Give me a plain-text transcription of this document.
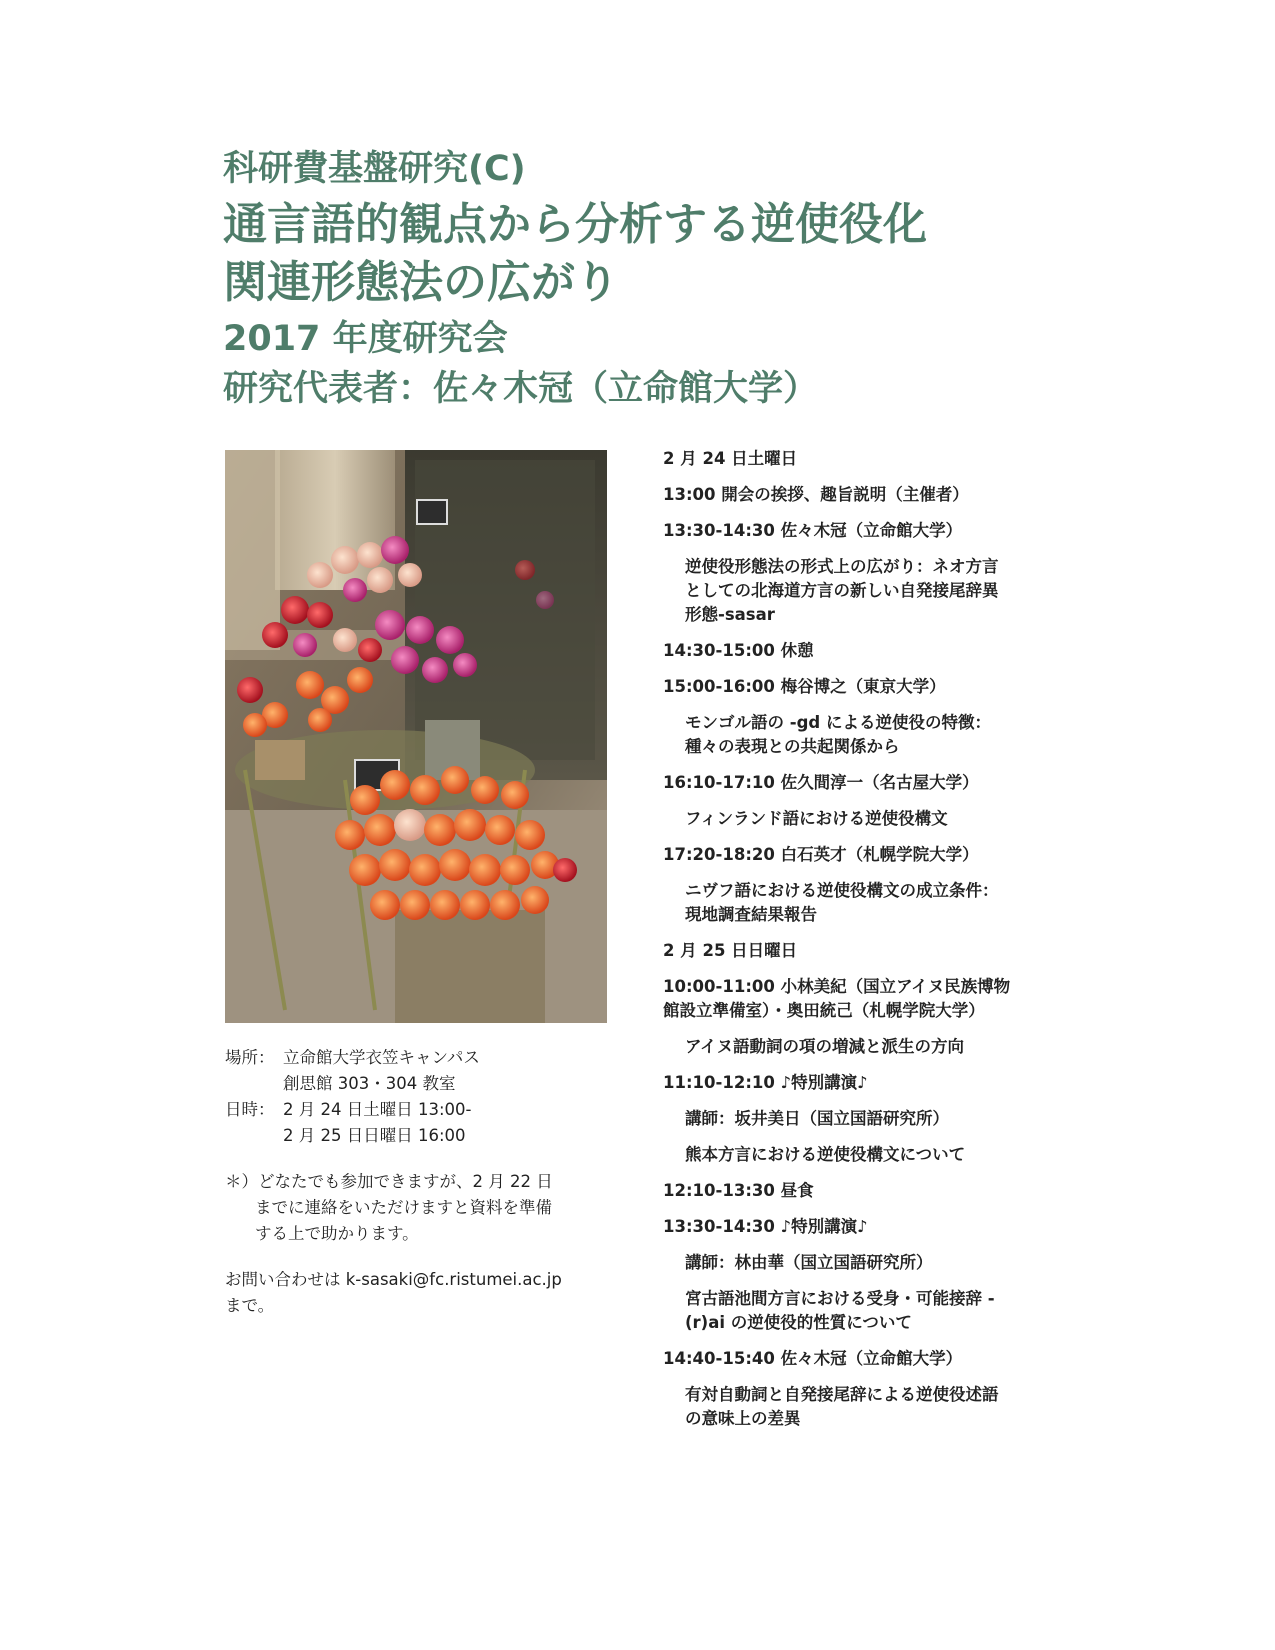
科研費基盤研究(C)
通言語的観点から分析する逆使役化
関連形態法の広がり
2017 年度研究会
研究代表者：佐々木冠（立命館大学）
場所： 立命館大学衣笠キャンパス
創思館 303・304 教室
日時： 2 月 24 日土曜日 13:00-
2 月 25 日日曜日 16:00
＊）どなたでも参加できますが、2 月 22 日
までに連絡をいただけますと資料を準備
する上で助かります。
お問い合わせは k-sasaki@fc.ristumei.ac.jp
まで。
2 月 24 日土曜日
13:00 開会の挨拶、趣旨説明（主催者）
13:30-14:30 佐々木冠（立命館大学）
逆使役形態法の形式上の広がり：ネオ方言
としての北海道方言の新しい自発接尾辞異
形態-sasar
14:30-15:00 休憩
15:00-16:00 梅谷博之（東京大学）
モンゴル語の -gd による逆使役の特徴：
種々の表現との共起関係から
16:10-17:10 佐久間淳一（名古屋大学）
フィンランド語における逆使役構文
17:20-18:20 白石英才（札幌学院大学）
ニヴフ語における逆使役構文の成立条件：
現地調査結果報告
2 月 25 日日曜日
10:00-11:00 小林美紀（国立アイヌ民族博物
館設立準備室）・奥田統己（札幌学院大学）
アイヌ語動詞の項の増減と派生の方向
11:10-12:10 ♪特別講演♪
講師：坂井美日（国立国語研究所）
熊本方言における逆使役構文について
12:10-13:30 昼食
13:30-14:30 ♪特別講演♪
講師：林由華（国立国語研究所）
宮古語池間方言における受身・可能接辞 -
(r)ai の逆使役的性質について
14:40-15:40 佐々木冠（立命館大学）
有対自動詞と自発接尾辞による逆使役述語
の意味上の差異
